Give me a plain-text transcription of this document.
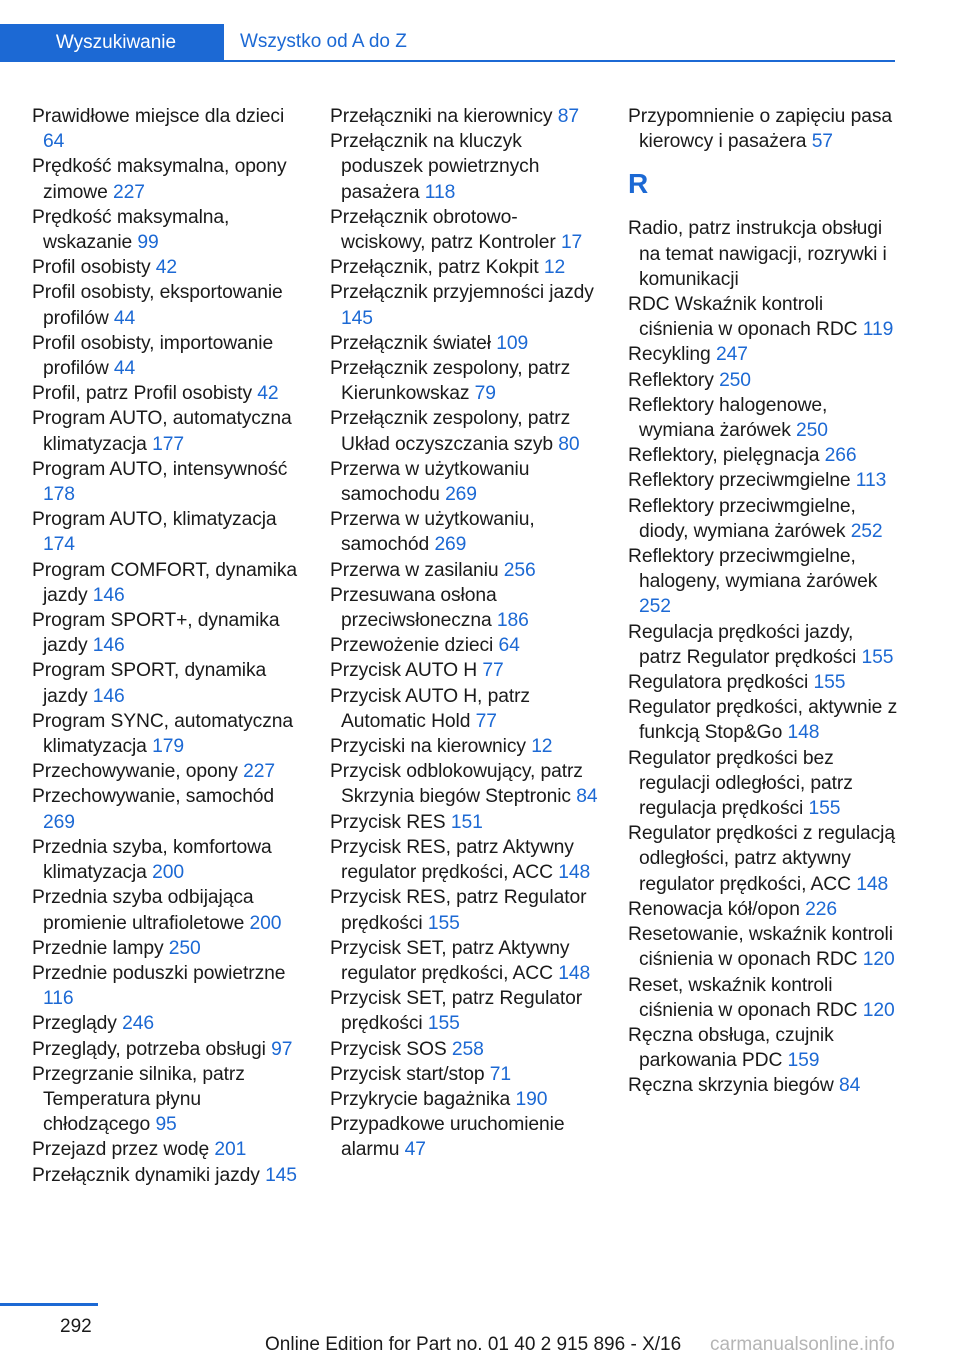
Wyszukiwanie	Wszystko od A do Z
Prawidłowe miejsce dla dzieci 64
Prędkość maksymalna, opony zimowe 227
Prędkość maksymalna, wskazanie 99
Profil osobisty 42
Profil osobisty, eksportowanie profilów 44
Profil osobisty, importowanie profilów 44
Profil, patrz Profil osobisty 42
Program AUTO, automatyczna klimatyzacja 177
Program AUTO, intensywność 178
Program AUTO, klimatyzacja 174
Program COMFORT, dynamika jazdy 146
Program SPORT+, dynamika jazdy 146
Program SPORT, dynamika jazdy 146
Program SYNC, automatyczna klimatyzacja 179
Przechowywanie, opony 227
Przechowywanie, samochód 269
Przednia szyba, komfortowa klimatyzacja 200
Przednia szyba odbijająca promienie ultrafioletowe 200
Przednie lampy 250
Przednie poduszki powietrzne 116
Przeglądy 246
Przeglądy, potrzeba obsługi 97
Przegrzanie silnika, patrz Temperatura płynu chłodzącego 95
Przejazd przez wodę 201
Przełącznik dynamiki jazdy 145
Przełączniki na kierownicy 87
Przełącznik na kluczyk poduszek powietrznych pasażera 118
Przełącznik obrotowo-wciskowy, patrz Kontroler 17
Przełącznik, patrz Kokpit 12
Przełącznik przyjemności jazdy 145
Przełącznik świateł 109
Przełącznik zespolony, patrz Kierunkowskaz 79
Przełącznik zespolony, patrz Układ oczyszczania szyb 80
Przerwa w użytkowaniu samochodu 269
Przerwa w użytkowaniu, samochód 269
Przerwa w zasilaniu 256
Przesuwana osłona przeciwsłoneczna 186
Przewożenie dzieci 64
Przycisk AUTO H 77
Przycisk AUTO H, patrz Automatic Hold 77
Przyciski na kierownicy 12
Przycisk odblokowujący, patrz Skrzynia biegów Steptronic 84
Przycisk RES 151
Przycisk RES, patrz Aktywny regulator prędkości, ACC 148
Przycisk RES, patrz Regulator prędkości 155
Przycisk SET, patrz Aktywny regulator prędkości, ACC 148
Przycisk SET, patrz Regulator prędkości 155
Przycisk SOS 258
Przycisk start/stop 71
Przykrycie bagażnika 190
Przypadkowe uruchomienie alarmu 47
Przypomnienie o zapięciu pasa kierowcy i pasażera 57
R
Radio, patrz instrukcja obsługi na temat nawigacji, rozrywki i komunikacji
RDC Wskaźnik kontroli ciśnienia w oponach RDC 119
Recykling 247
Reflektory 250
Reflektory halogenowe, wymiana żarówek 250
Reflektory, pielęgnacja 266
Reflektory przeciwmgielne 113
Reflektory przeciwmgielne, diody, wymiana żarówek 252
Reflektory przeciwmgielne, halogeny, wymiana żarówek 252
Regulacja prędkości jazdy, patrz Regulator prędkości 155
Regulatora prędkości 155
Regulator prędkości, aktywnie z funkcją Stop&Go 148
Regulator prędkości bez regulacji odległości, patrz regulacja prędkości 155
Regulator prędkości z regulacją odległości, patrz aktywny regulator prędkości, ACC 148
Renowacja kół/opon 226
Resetowanie, wskaźnik kontroli ciśnienia w oponach RDC 120
Reset, wskaźnik kontroli ciśnienia w oponach RDC 120
Ręczna obsługa, czujnik parkowania PDC 159
Ręczna skrzynia biegów 84
292
Online Edition for Part no. 01 40 2 915 896 - X/16 carmanualsonline.info
